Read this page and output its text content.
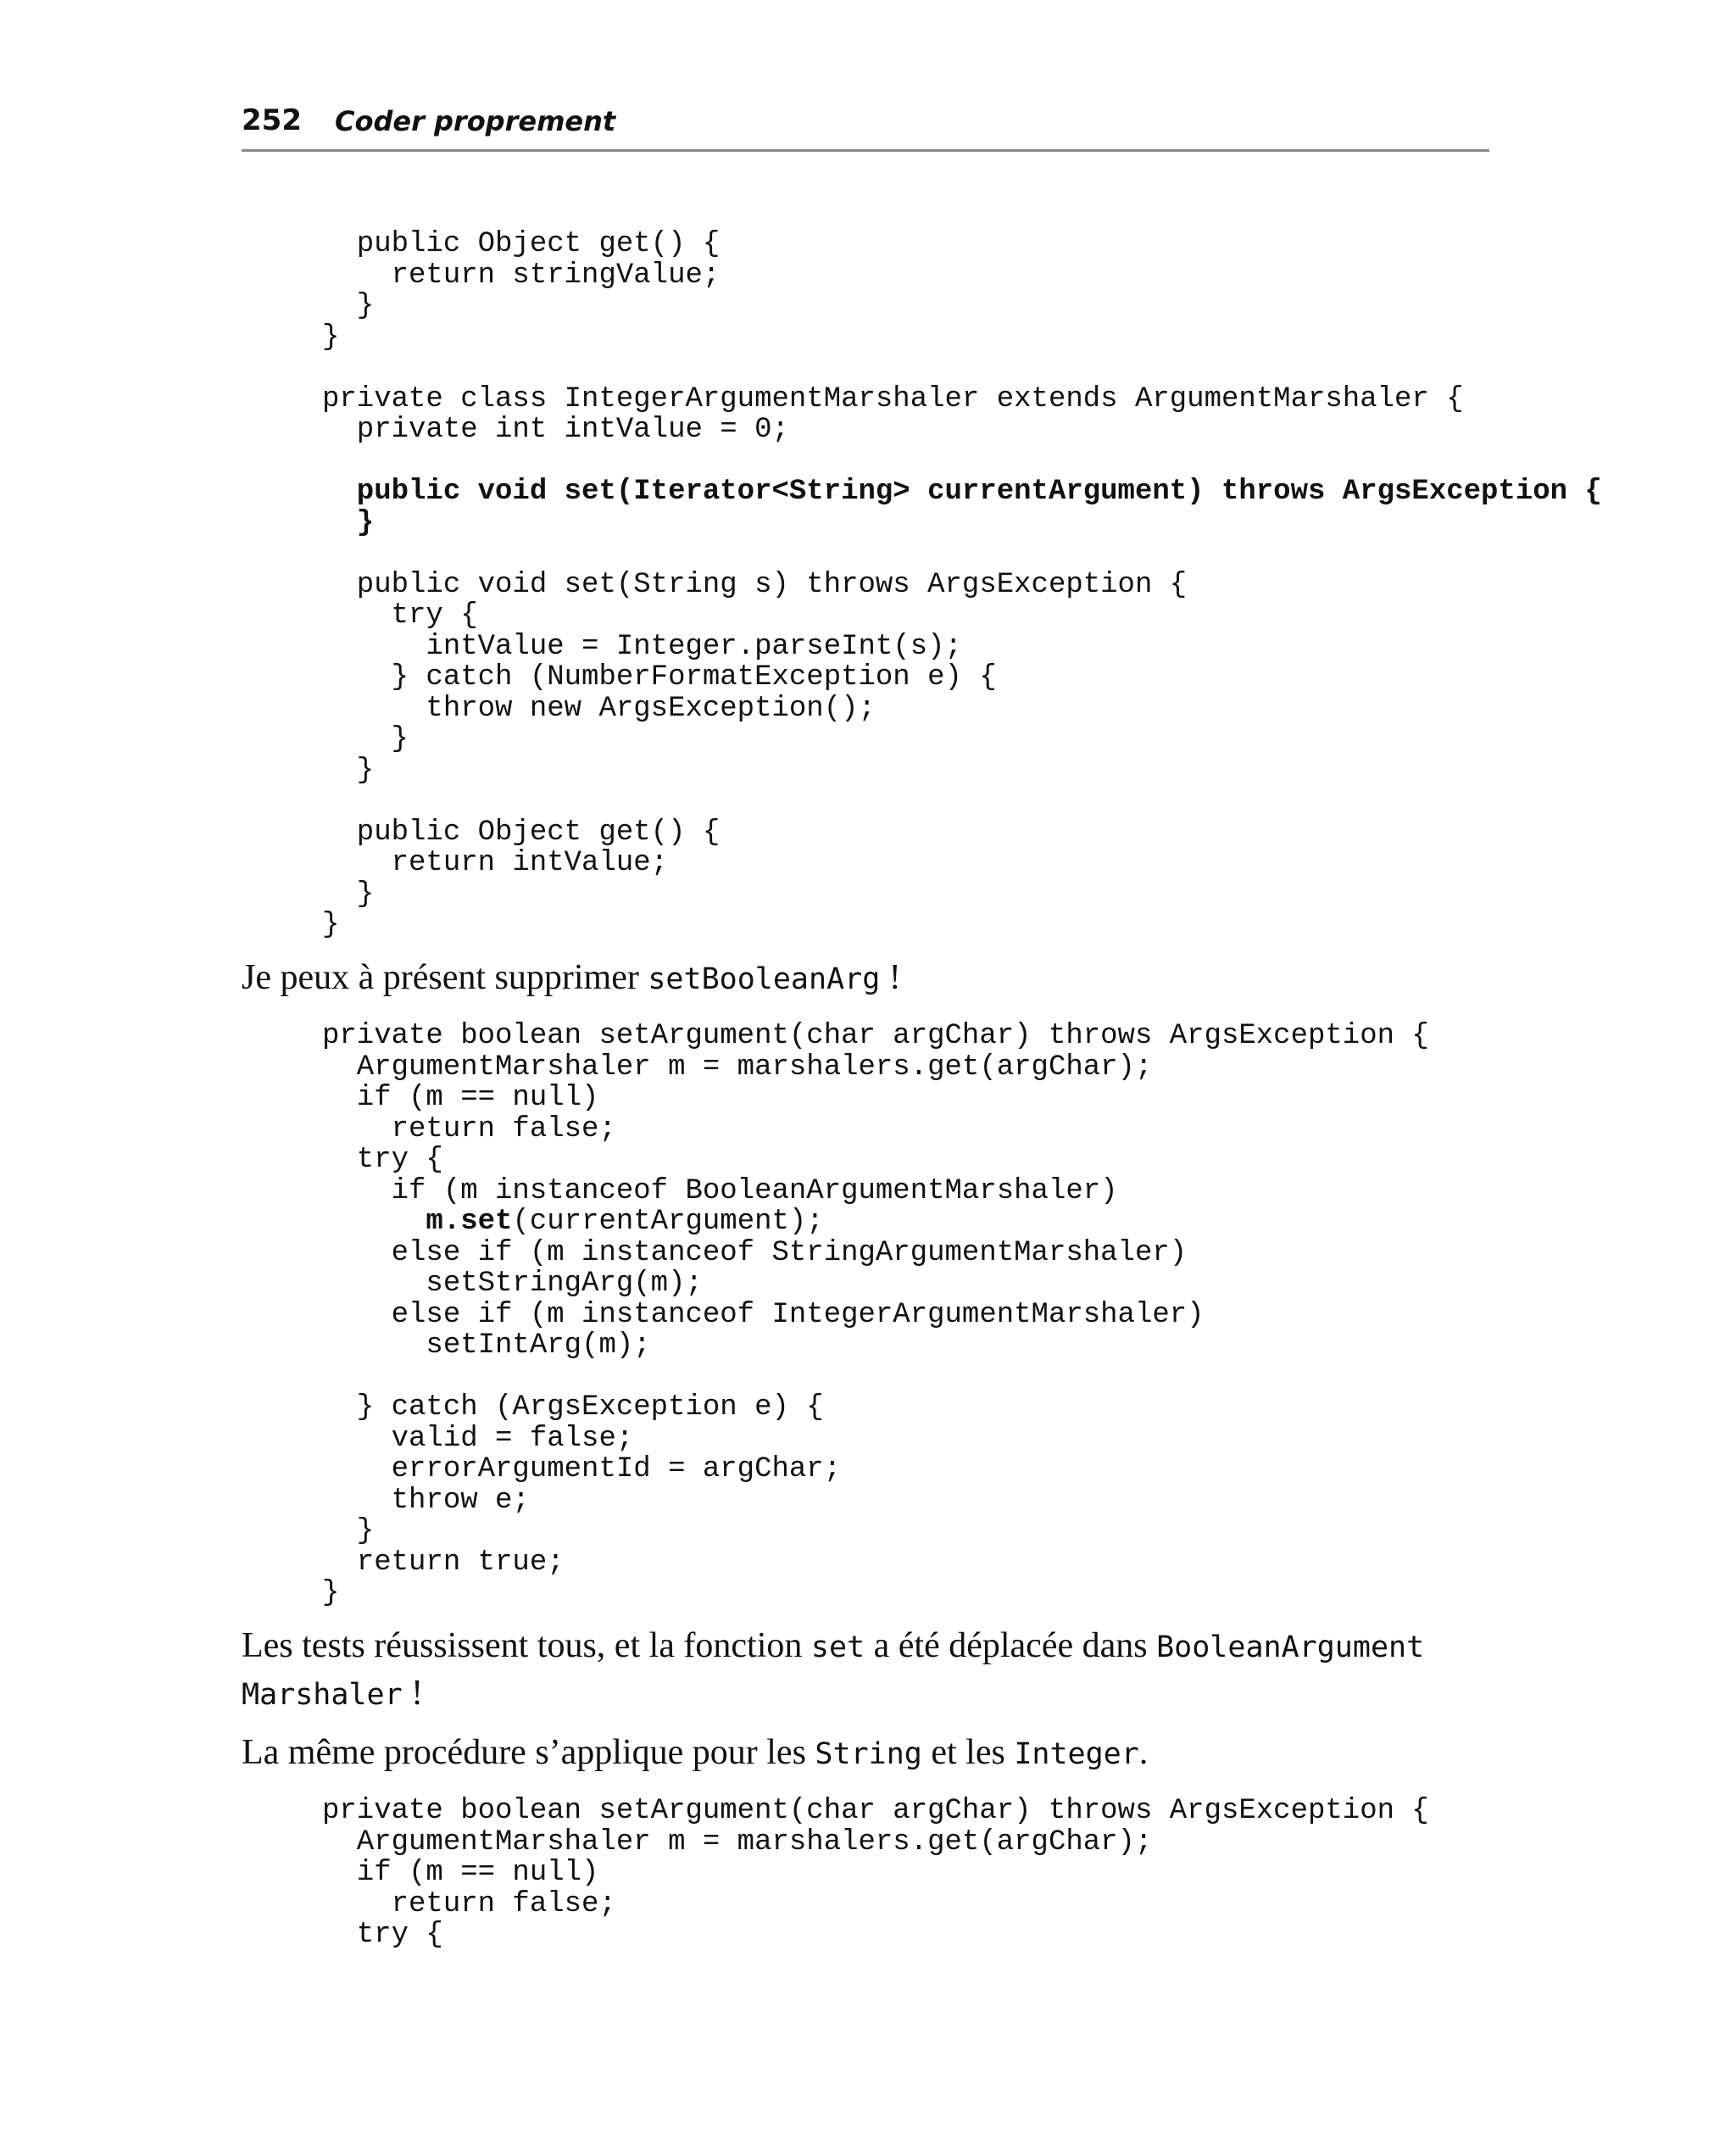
252 Coder proprement
public Object get() {
return stringValue;
}
}
private class IntegerArgumentMarshaler extends ArgumentMarshaler {
private int intValue = 0;
public void set(Iterator<String> currentArgument) throws ArgsException {
}
public void set(String s) throws ArgsException {
try {
intValue = Integer.parseInt(s);
} catch (NumberFormatException e) {
throw new ArgsException();
}
}
public Object get() {
return intValue;
}
}

Je peux à présent supprimer setBooleanArg !

private boolean setArgument(char argChar) throws ArgsException {
ArgumentMarshaler m = marshalers.get(argChar);
if (m == null)
return false;
try {
if (m instanceof BooleanArgumentMarshaler)
m.set(currentArgument);
else if (m instanceof StringArgumentMarshaler)
setStringArg(m);
else if (m instanceof IntegerArgumentMarshaler)
setIntArg(m);
} catch (ArgsException e) {
valid = false;
errorArgumentId = argChar;
throw e;
}
return true;
}

Les tests réussissent tous, et la fonction set a été déplacée dans BooleanArgument Marshaler !

La même procédure s’applique pour les String et les Integer.

private boolean setArgument(char argChar) throws ArgsException {
ArgumentMarshaler m = marshalers.get(argChar);
if (m == null)
return false;
try {
